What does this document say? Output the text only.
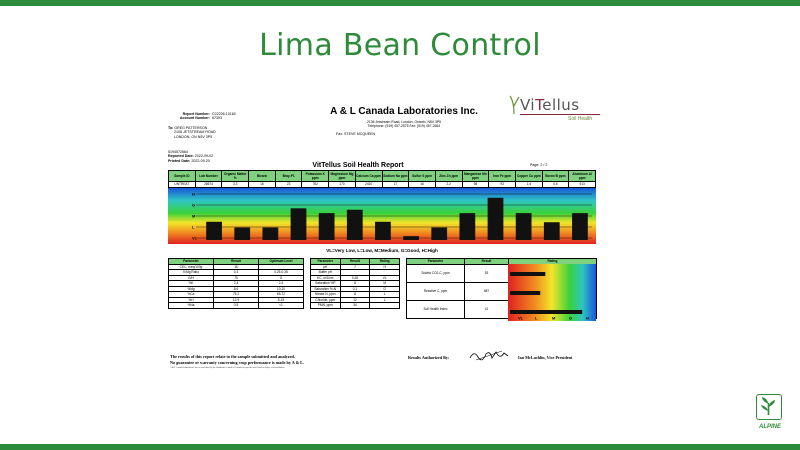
Lima Bean Control
Report Number: C22226-10160
Account Number: 67393
To: GREG PATTERSON
2108 JETSTREAM ROAD
LONDON, ON N5V 3P5
5194572664
Reported Date: 2022-09-02
Printed Date: 2022-09-20
A & L Canada Laboratories Inc.
2136 Jetstream Road, London, Ontario, N5V 3P5
Telephone: (519) 457-2575 Fax: (519) 457-2664
Fax: STEVE MCQUEEN
ViTellus
Soil Health
VitTellus Soil Health Report	Page: 2 / 2
Sample ID	Lab Number	Organic Matter %	Bicarb	Bray-P1	Potassium K ppm	Magnesium Mg ppm	Calcium Ca ppm	Sodium Na ppm	Sulfur S ppm	Zinc Zn ppm	Manganese Mn ppm	Iron Fe ppm	Copper Cu ppm	Boron B ppm	Aluminum Al ppm
UNTREAT	28674	3.3	16	23	762	170	2410	17	16	2.2	98	93	1.4	0.6	913
H
G
M
L
VL
VL=Very Low, L=Low, M=Medium, G=Good, H=High
Parameter	Result	Optimum Level
CEC, meq/100g	16	
K/Mg Ratio	0.3	0.25-0.35
G/H	75	G
%K	2.4	2-4
%Mg	8.6	10-20
%Ca	75.2	65-72
%H	12.9	5-15
%Na	0.5	<1
Parameter	Result	Rating
pH	7	H
Buffer pH		
EC, mS/cm	0.28	VL
Saturation %P	8	M
Saturation % Al	0.1	G
Nitrate-N, ppm	8	L
Chloride, ppm	12	L
PMN, ppm	34	
Parameter	Result	Rating
Solvita CO2-C, ppm	53	
Reactive C, ppm	687	
Soil Health Index	41	
VL	L	M	G	H
The results of this report relate to the sample submitted and analyzed.
No guarantee or warranty concerning crop performance is made by A & L.
A & L Canada Laboratories Inc. is accredited by the Standards Council of Canada for specific tests listed on scope of accreditation.
Results Authorized By:	Ian McLachlin, Vice President
ALPINE
